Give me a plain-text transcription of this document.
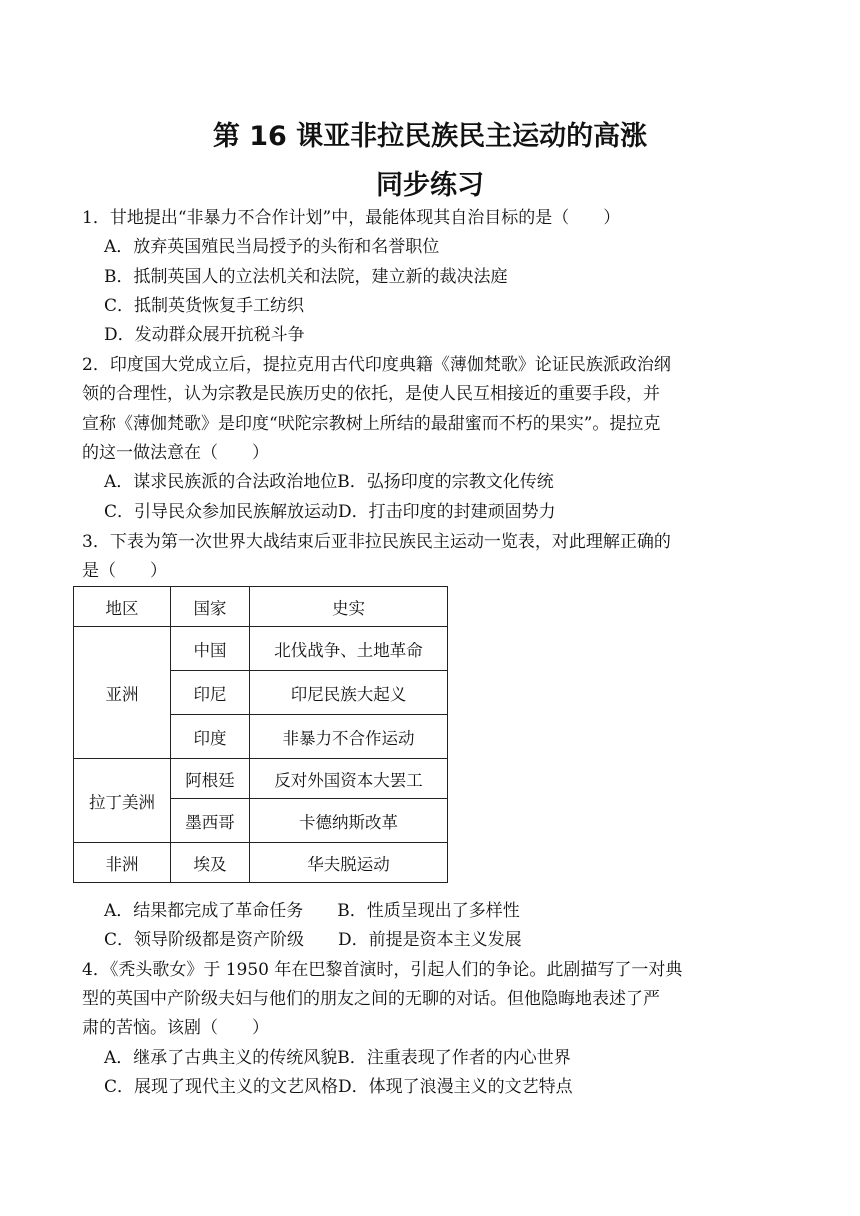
第 16 课亚非拉民族民主运动的高涨
同步练习
1．甘地提出“非暴力不合作计划”中，最能体现其自治目标的是（　　）
A．放弃英国殖民当局授予的头衔和名誉职位
B．抵制英国人的立法机关和法院，建立新的裁决法庭
C．抵制英货恢复手工纺织
D．发动群众展开抗税斗争
2．印度国大党成立后，提拉克用古代印度典籍《薄伽梵歌》论证民族派政治纲
领的合理性，认为宗教是民族历史的依托，是使人民互相接近的重要手段，并
宣称《薄伽梵歌》是印度“吠陀宗教树上所结的最甜蜜而不朽的果实”。提拉克
的这一做法意在（　　）
A．谋求民族派的合法政治地位B．弘扬印度的宗教文化传统
C．引导民众参加民族解放运动D．打击印度的封建顽固势力
3．下表为第一次世界大战结束后亚非拉民族民主运动一览表，对此理解正确的
是（　　）
地区	国家	史实
亚洲	中国	北伐战争、土地革命
	印尼	印尼民族大起义
	印度	非暴力不合作运动
拉丁美洲	阿根廷	反对外国资本大罢工
	墨西哥	卡德纳斯改革
非洲	埃及	华夫脱运动
A．结果都完成了革命任务　　B．性质呈现出了多样性
C．领导阶级都是资产阶级　　D．前提是资本主义发展
4．《秃头歌女》于 1950 年在巴黎首演时，引起人们的争论。此剧描写了一对典
型的英国中产阶级夫妇与他们的朋友之间的无聊的对话。但他隐晦地表述了严
肃的苦恼。该剧（　　）
A．继承了古典主义的传统风貌B．注重表现了作者的内心世界
C．展现了现代主义的文艺风格D．体现了浪漫主义的文艺特点
